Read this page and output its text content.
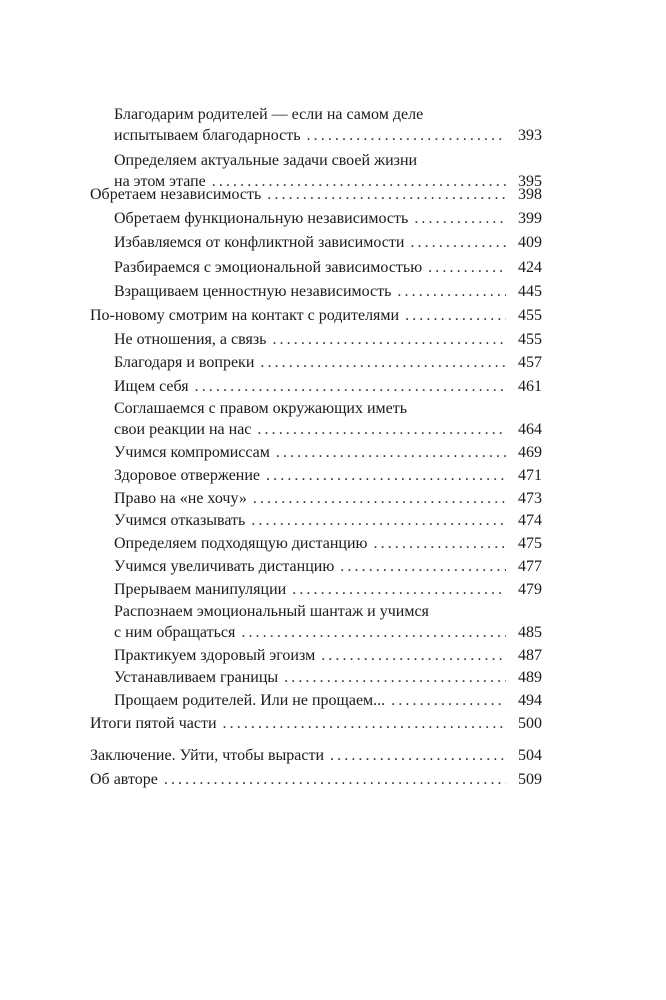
Благодарим родителей — если на самом деле
испытываем благодарность .....	393
Определяем актуальные задачи своей жизни
на этом этапе .....	395
Обретаем независимость .....	398
Обретаем функциональную независимость .....	399
Избавляемся от конфликтной зависимости .....	409
Разбираемся с эмоциональной зависимостью .....	424
Взращиваем ценностную независимость .....	445
По-новому смотрим на контакт с родителями .....	455
Не отношения, а связь .....	455
Благодаря и вопреки .....	457
Ищем себя .....	461
Соглашаемся с правом окружающих иметь
свои реакции на нас .....	464
Учимся компромиссам .....	469
Здоровое отвержение .....	471
Право на «не хочу» .....	473
Учимся отказывать .....	474
Определяем подходящую дистанцию .....	475
Учимся увеличивать дистанцию .....	477
Прерываем манипуляции .....	479
Распознаем эмоциональный шантаж и учимся
с ним обращаться .....	485
Практикуем здоровый эгоизм .....	487
Устанавливаем границы .....	489
Прощаем родителей. Или не прощаем... .....	494
Итоги пятой части .....	500
Заключение. Уйти, чтобы вырасти .....	504
Об авторе .....	509
